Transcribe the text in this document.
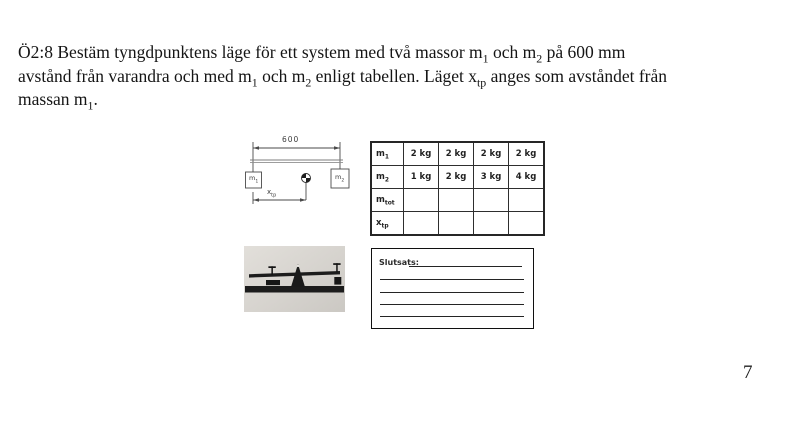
Ö2:8 Bestäm tyngdpunktens läge för ett system med två massor $m_1$ och $m_2$ på 600 mm
avstånd från varandra och med $m_1$ och $m_2$ enligt tabellen. Läget $x_{tp}$ anges som avståndet från
massan $m_1$.
600
$m_1$
$m_2$
$x_{tp}$
$m_1$	2 kg	2 kg	2 kg	2 kg
$m_2$	1 kg	2 kg	3 kg	4 kg
$m_{tot}$				
$x_{tp}$				
Slutsats:
7
